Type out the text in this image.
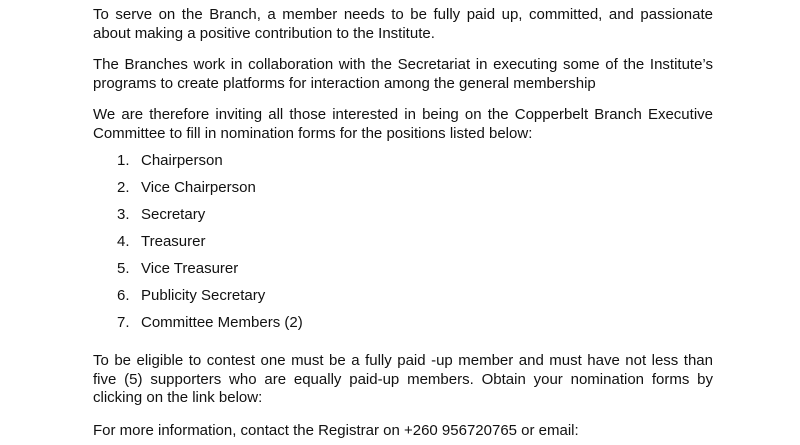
To serve on the Branch, a member needs to be fully paid up, committed, and passionate about making a positive contribution to the Institute.

The Branches work in collaboration with the Secretariat in executing some of the Institute’s programs to create platforms for interaction among the general membership

We are therefore inviting all those interested in being on the Copperbelt Branch Executive Committee to fill in nomination forms for the positions listed below:

1. Chairperson
2. Vice Chairperson
3. Secretary
4. Treasurer
5. Vice Treasurer
6. Publicity Secretary
7. Committee Members (2)

To be eligible to contest one must be a fully paid -up member and must have not less than five (5) supporters who are equally paid-up members. Obtain your nomination forms by clicking on the link below:

For more information, contact the Registrar on +260 956720765 or email:
